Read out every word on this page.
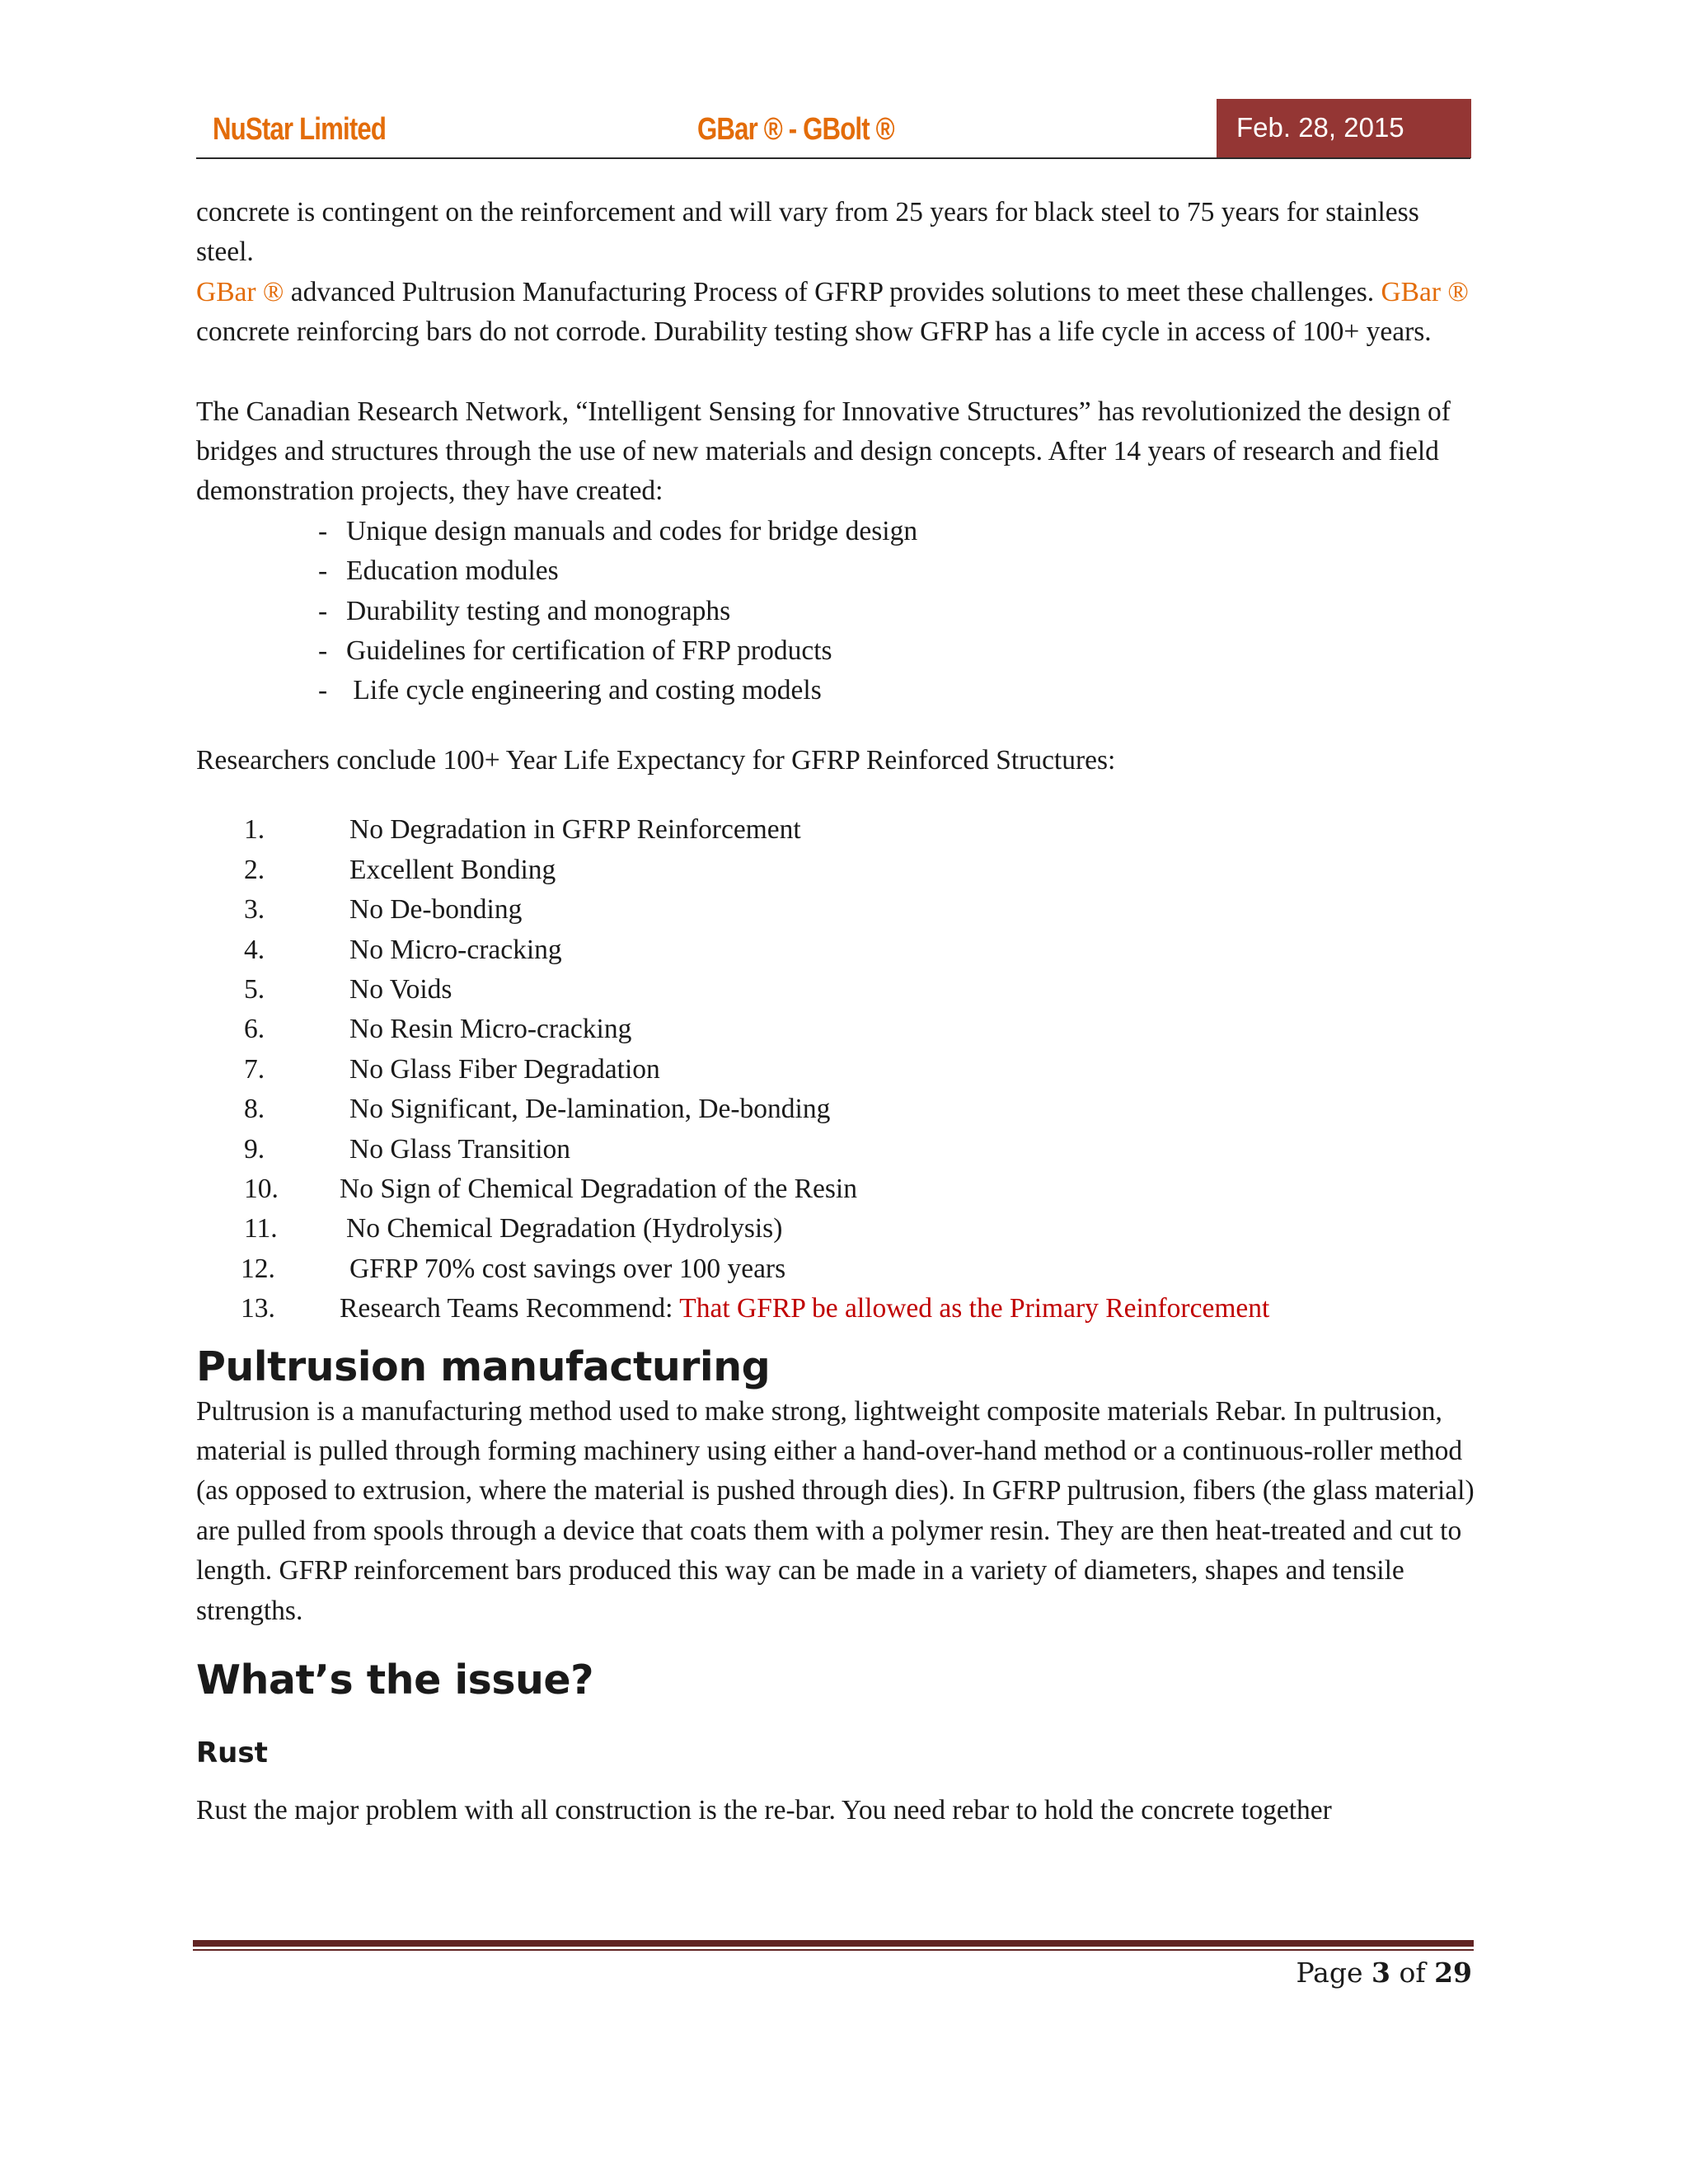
NuStar Limited	GBar ® - GBolt ®	Feb. 28, 2015

concrete is contingent on the reinforcement and will vary from 25 years for black steel to 75 years for stainless steel.

GBar ® advanced Pultrusion Manufacturing Process of GFRP provides solutions to meet these challenges. GBar ® concrete reinforcing bars do not corrode. Durability testing show GFRP has a life cycle in access of 100+ years.

The Canadian Research Network, “Intelligent Sensing for Innovative Structures” has revolutionized the design of bridges and structures through the use of new materials and design concepts. After 14 years of research and field demonstration projects, they have created:

- Unique design manuals and codes for bridge design
- Education modules
- Durability testing and monographs
- Guidelines for certification of FRP products
- Life cycle engineering and costing models

Researchers conclude 100+ Year Life Expectancy for GFRP Reinforced Structures:

1.	No Degradation in GFRP Reinforcement
2.	Excellent Bonding
3.	No De-bonding
4.	No Micro-cracking
5.	No Voids
6.	No Resin Micro-cracking
7.	No Glass Fiber Degradation
8.	No Significant, De-lamination, De-bonding
9.	No Glass Transition
10. No Sign of Chemical Degradation of the Resin
11. No Chemical Degradation (Hydrolysis)
12.	GFRP 70% cost savings over 100 years
13. Research Teams Recommend: That GFRP be allowed as the Primary Reinforcement
Pultrusion manufacturing

Pultrusion is a manufacturing method used to make strong, lightweight composite materials Rebar. In pultrusion, material is pulled through forming machinery using either a hand-over-hand method or a continuous-roller method (as opposed to extrusion, where the material is pushed through dies). In GFRP pultrusion, fibers (the glass material) are pulled from spools through a device that coats them with a polymer resin. They are then heat-treated and cut to length. GFRP reinforcement bars produced this way can be made in a variety of diameters, shapes and tensile strengths.

What’s the issue?
Rust

Rust the major problem with all construction is the re-bar. You need rebar to hold the concrete together

Page 3 of 29
